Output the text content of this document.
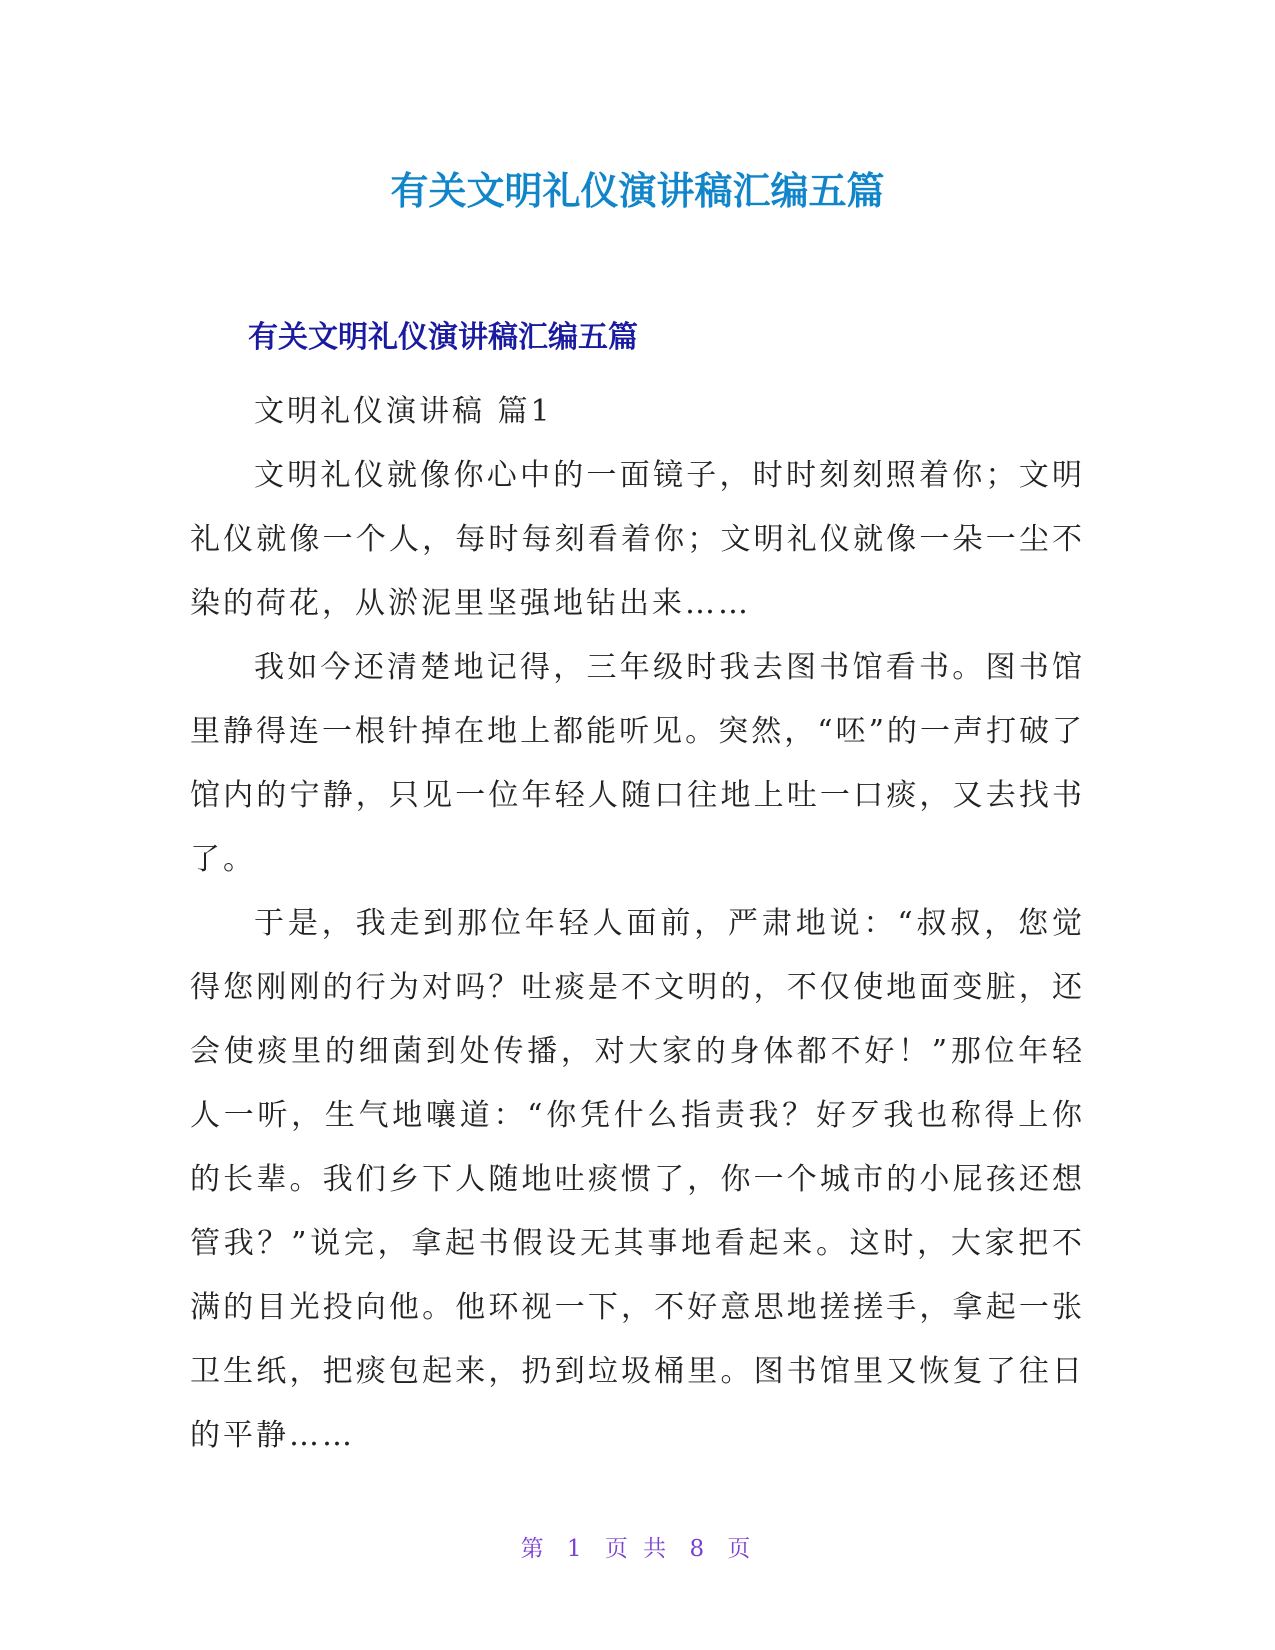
有关文明礼仪演讲稿汇编五篇
有关文明礼仪演讲稿汇编五篇

文明礼仪演讲稿 篇1

文明礼仪就像你心中的一面镜子，时时刻刻照着你；文明礼仪就像一个人，每时每刻看着你；文明礼仪就像一朵一尘不染的荷花，从淤泥里坚强地钻出来……

我如今还清楚地记得，三年级时我去图书馆看书。图书馆里静得连一根针掉在地上都能听见。突然，“呸”的一声打破了馆内的宁静，只见一位年轻人随口往地上吐一口痰，又去找书了。

于是，我走到那位年轻人面前，严肃地说：“叔叔，您觉得您刚刚的行为对吗？吐痰是不文明的，不仅使地面变脏，还会使痰里的细菌到处传播，对大家的身体都不好！”那位年轻人一听，生气地嚷道：“你凭什么指责我？好歹我也称得上你的长辈。我们乡下人随地吐痰惯了，你一个城市的小屁孩还想管我？”说完，拿起书假设无其事地看起来。这时，大家把不满的目光投向他。他环视一下，不好意思地搓搓手，拿起一张卫生纸，把痰包起来，扔到垃圾桶里。图书馆里又恢复了往日的平静……

第 1 页 共 8 页
